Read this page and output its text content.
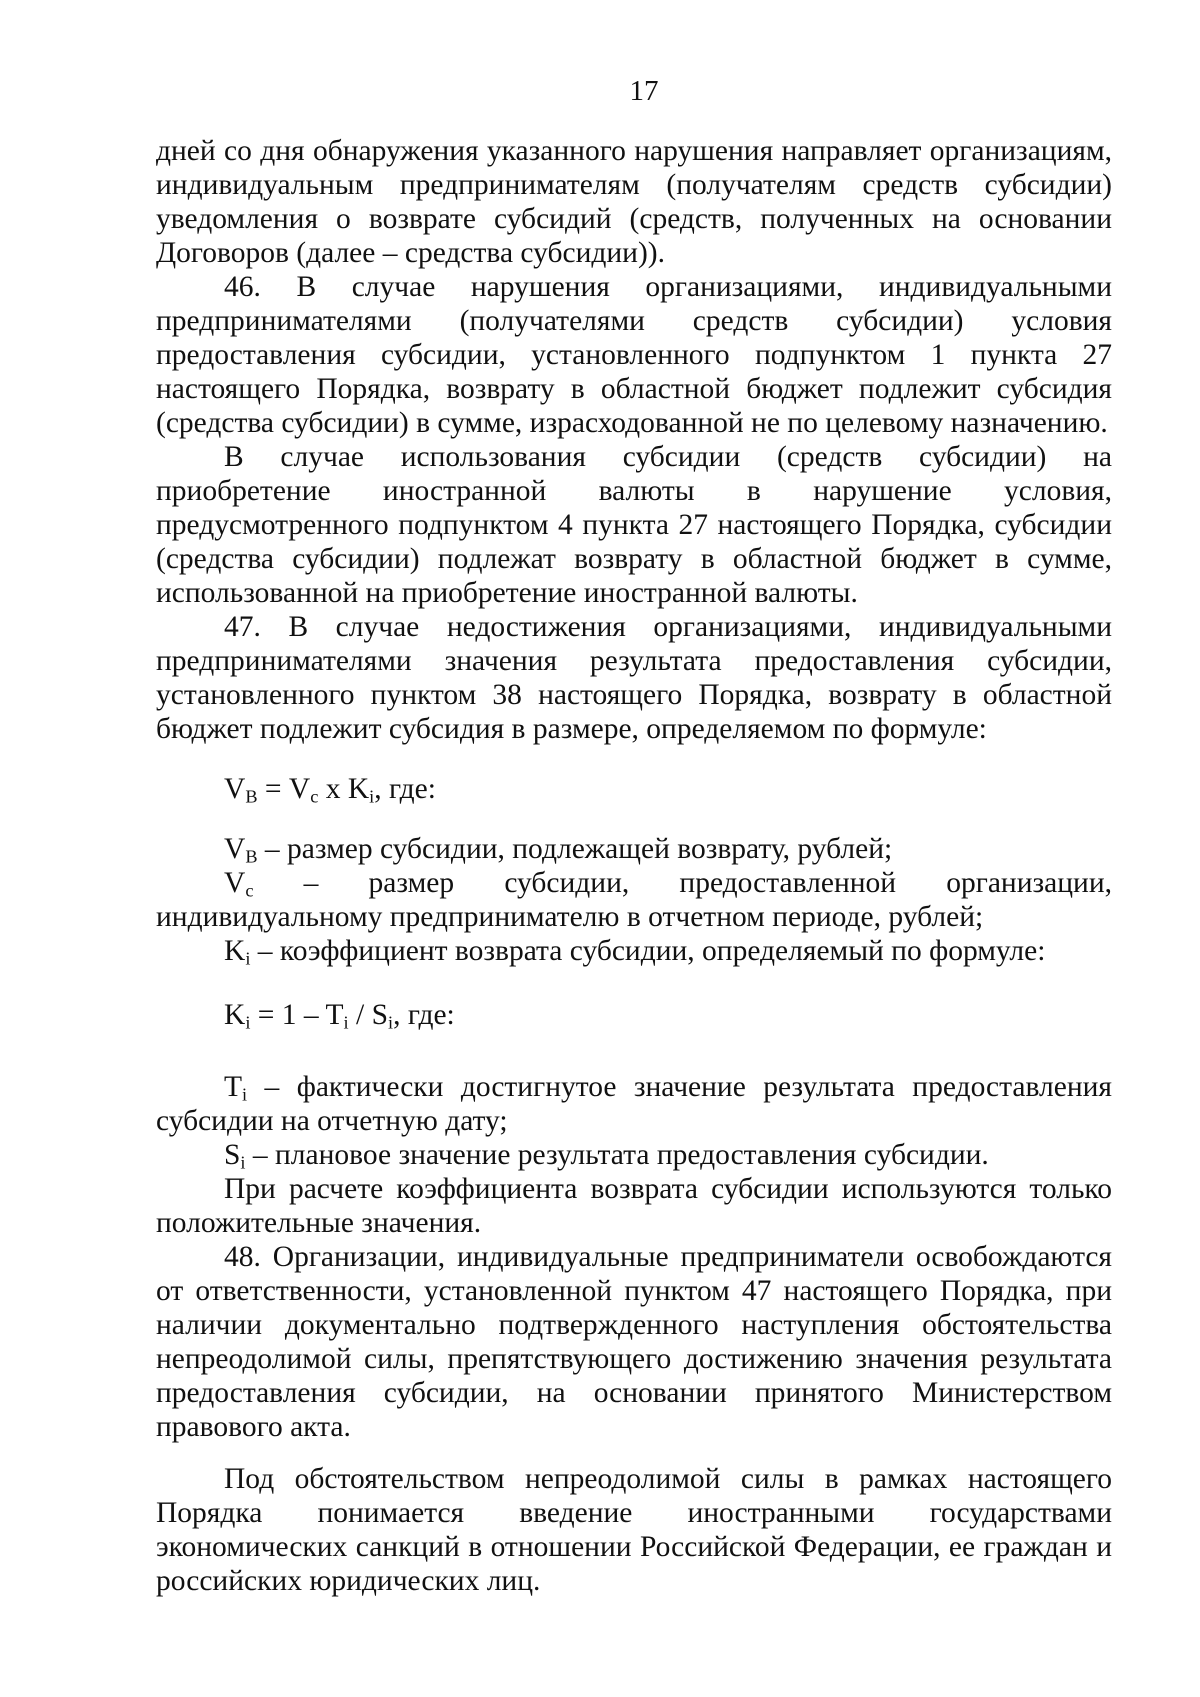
17

дней со дня обнаружения указанного нарушения направляет организациям, индивидуальным предпринимателям (получателям средств субсидии) уведомления о возврате субсидий (средств, полученных на основании Договоров (далее – средства субсидии)).

46. В случае нарушения организациями, индивидуальными предпринимателями (получателями средств субсидии) условия предоставления субсидии, установленного подпунктом 1 пункта 27 настоящего Порядка, возврату в областной бюджет подлежит субсидия (средства субсидии) в сумме, израсходованной не по целевому назначению.

В случае использования субсидии (средств субсидии) на приобретение иностранной валюты в нарушение условия, предусмотренного подпунктом 4 пункта 27 настоящего Порядка, субсидии (средства субсидии) подлежат возврату в областной бюджет в сумме, использованной на приобретение иностранной валюты.

47. В случае недостижения организациями, индивидуальными предпринимателями значения результата предоставления субсидии, установленного пунктом 38 настоящего Порядка, возврату в областной бюджет подлежит субсидия в размере, определяемом по формуле:

$V_В = V_c$ x $K_i$, где:

$V_В$ – размер субсидии, подлежащей возврату, рублей;

$V_c$ – размер субсидии, предоставленной организации, индивидуальному предпринимателю в отчетном периоде, рублей;

$K_i$ – коэффициент возврата субсидии, определяемый по формуле:

$K_i = 1 - T_i / S_i$, где:

$T_i$ – фактически достигнутое значение результата предоставления субсидии на отчетную дату;

$S_i$ – плановое значение результата предоставления субсидии.

При расчете коэффициента возврата субсидии используются только положительные значения.

48. Организации, индивидуальные предприниматели освобождаются от ответственности, установленной пунктом 47 настоящего Порядка, при наличии документально подтвержденного наступления обстоятельства непреодолимой силы, препятствующего достижению значения результата предоставления субсидии, на основании принятого Министерством правового акта.

Под обстоятельством непреодолимой силы в рамках настоящего Порядка понимается введение иностранными государствами экономических санкций в отношении Российской Федерации, ее граждан и российских юридических лиц.
